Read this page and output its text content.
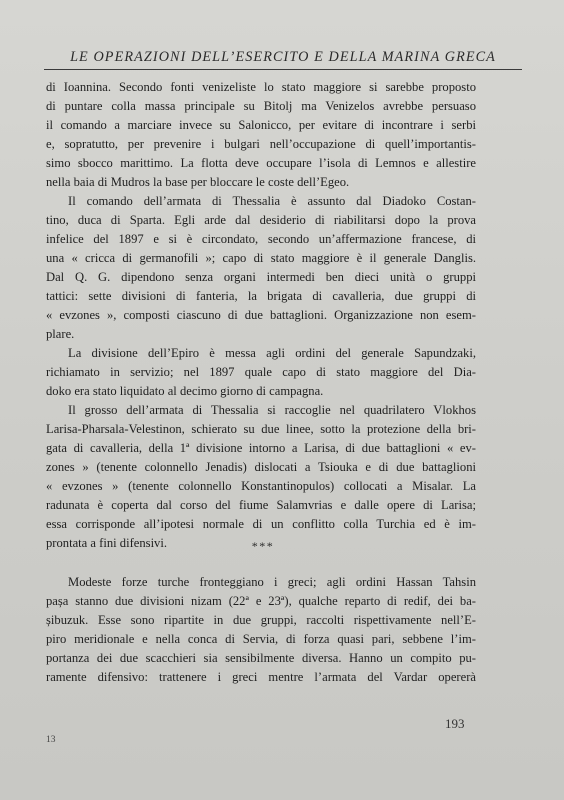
LE OPERAZIONI DELL’ESERCITO E DELLA MARINA GRECA

di Ioannina. Secondo fonti venizeliste lo stato maggiore si sarebbe proposto

di puntare colla massa principale su Bitolj ma Venizelos avrebbe persuaso

il comando a marciare invece su Salonicco, per evitare di incontrare i serbi

e, sopratutto, per prevenire i bulgari nell’occupazione di quell’importantis-

simo sbocco marittimo. La flotta deve occupare l’isola di Lemnos e allestire

nella baia di Mudros la base per bloccare le coste dell’Egeo.

Il comando dell’armata di Thessalia è assunto dal Diadoko Costan-

tino, duca di Sparta. Egli arde dal desiderio di riabilitarsi dopo la prova

infelice del 1897 e si è circondato, secondo un’affermazione francese, di

una « cricca di germanofili »; capo di stato maggiore è il generale Danglis.

Dal Q. G. dipendono senza organi intermedi ben dieci unità o gruppi

tattici: sette divisioni di fanteria, la brigata di cavalleria, due gruppi di

« evzones », composti ciascuno di due battaglioni. Organizzazione non esem-

plare.

La divisione dell’Epiro è messa agli ordini del generale Sapundzaki,

richiamato in servizio; nel 1897 quale capo di stato maggiore del Dia-

doko era stato liquidato al decimo giorno di campagna.

Il grosso dell’armata di Thessalia si raccoglie nel quadrilatero Vlokhos

Larisa-Pharsala-Velestinon, schierato su due linee, sotto la protezione della bri-

gata di cavalleria, della 1ª divisione intorno a Larisa, di due battaglioni « ev-

zones » (tenente colonnello Jenadis) dislocati a Tsiouka e di due battaglioni

« evzones » (tenente colonnello Konstantinopulos) collocati a Misalar. La

radunata è coperta dal corso del fiume Salamvrias e dalle opere di Larisa;

essa corrisponde all’ipotesi normale di un conflitto colla Turchia ed è im-

prontata a fini difensivi.	***

Modeste forze turche fronteggiano i greci; agli ordini Hassan Tahsin

pașa stanno due divisioni nizam (22ª e 23ª), qualche reparto di redif, dei ba-

șibuzuk. Esse sono ripartite in due gruppi, raccolti rispettivamente nell’E-

piro meridionale e nella conca di Servia, di forza quasi pari, sebbene l’im-

portanza dei due scacchieri sia sensibilmente diversa. Hanno un compito pu-

ramente difensivo: trattenere i greci mentre l’armata del Vardar opererà

193
13
